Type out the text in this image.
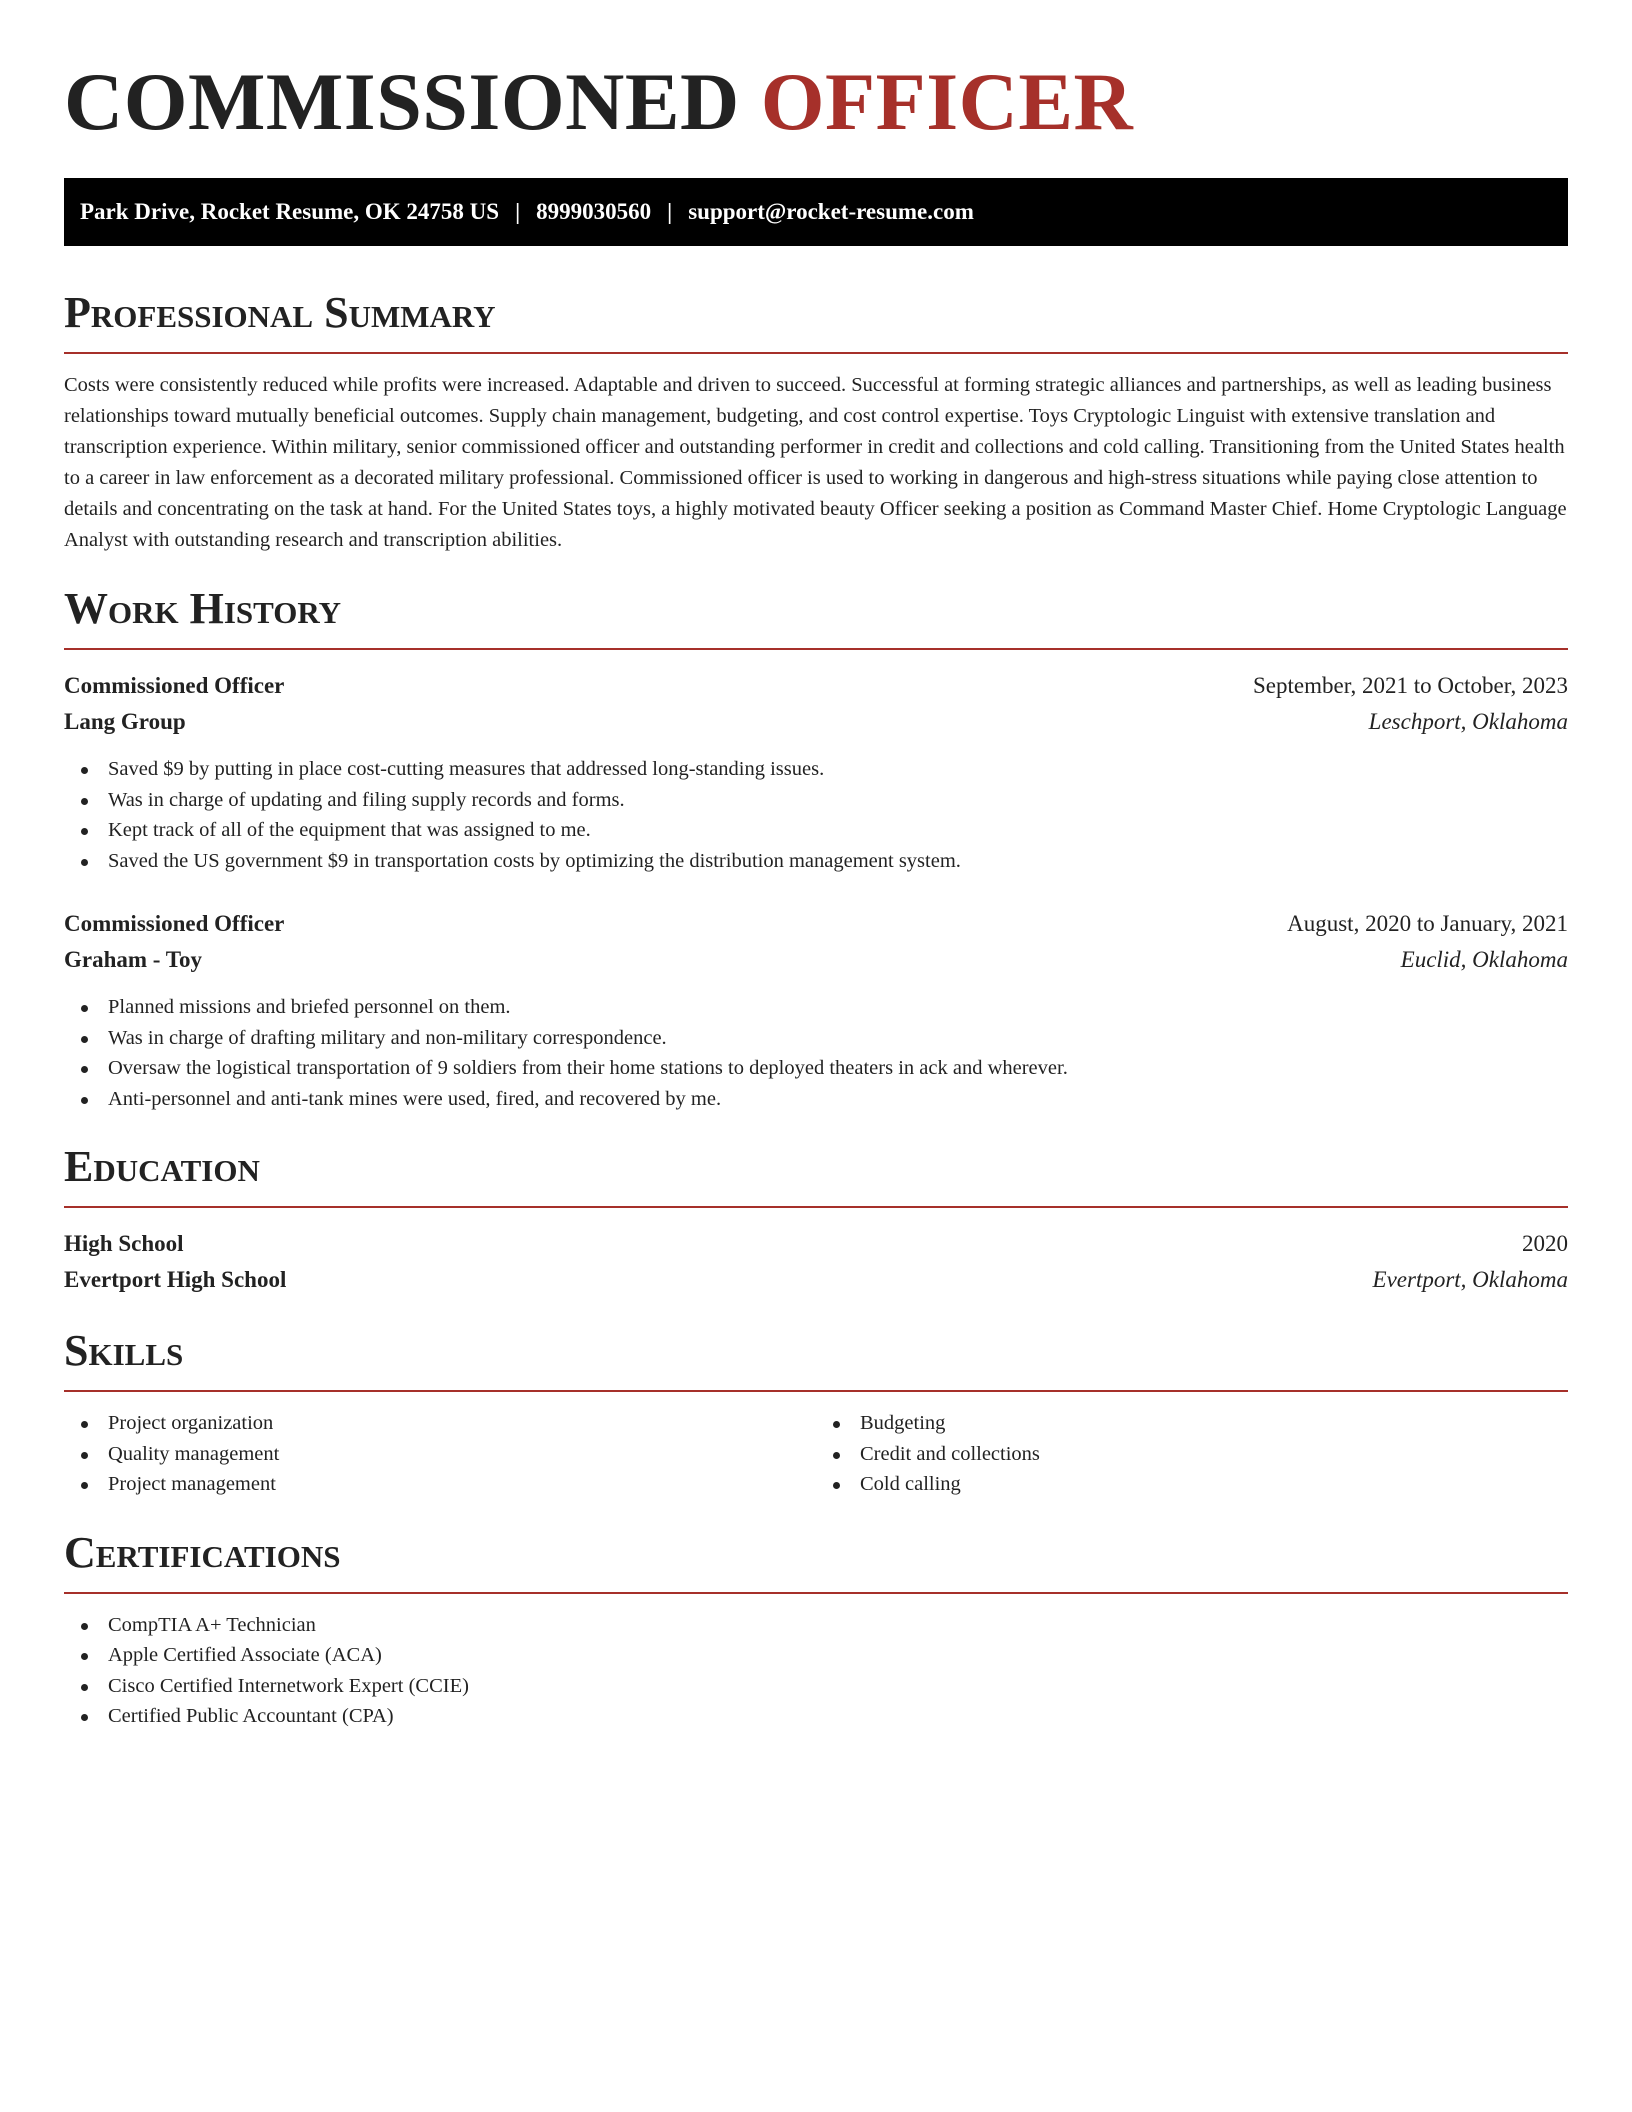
COMMISSIONED OFFICER
Park Drive, Rocket Resume, OK 24758 US | 8999030560 | support@rocket-resume.com
Professional Summary

Costs were consistently reduced while profits were increased. Adaptable and driven to succeed. Successful at forming strategic alliances and partnerships, as well as leading business relationships toward mutually beneficial outcomes. Supply chain management, budgeting, and cost control expertise. Toys Cryptologic Linguist with extensive translation and transcription experience. Within military, senior commissioned officer and outstanding performer in credit and collections and cold calling. Transitioning from the United States health to a career in law enforcement as a decorated military professional. Commissioned officer is used to working in dangerous and high-stress situations while paying close attention to details and concentrating on the task at hand. For the United States toys, a highly motivated beauty Officer seeking a position as Command Master Chief. Home Cryptologic Language Analyst with outstanding research and transcription abilities.

Work History
Commissioned Officer	September, 2021 to October, 2023
Lang Group	Leschport, Oklahoma
Saved $9 by putting in place cost-cutting measures that addressed long-standing issues.
Was in charge of updating and filing supply records and forms.
Kept track of all of the equipment that was assigned to me.
Saved the US government $9 in transportation costs by optimizing the distribution management system.
Commissioned Officer	August, 2020 to January, 2021
Graham - Toy	Euclid, Oklahoma
Planned missions and briefed personnel on them.
Was in charge of drafting military and non-military correspondence.
Oversaw the logistical transportation of 9 soldiers from their home stations to deployed theaters in ack and wherever.
Anti-personnel and anti-tank mines were used, fired, and recovered by me.
Education
High School	2020
Evertport High School	Evertport, Oklahoma
Skills
Project organization
Quality management
Project management
Budgeting
Credit and collections
Cold calling
Certifications
CompTIA A+ Technician
Apple Certified Associate (ACA)
Cisco Certified Internetwork Expert (CCIE)
Certified Public Accountant (CPA)
